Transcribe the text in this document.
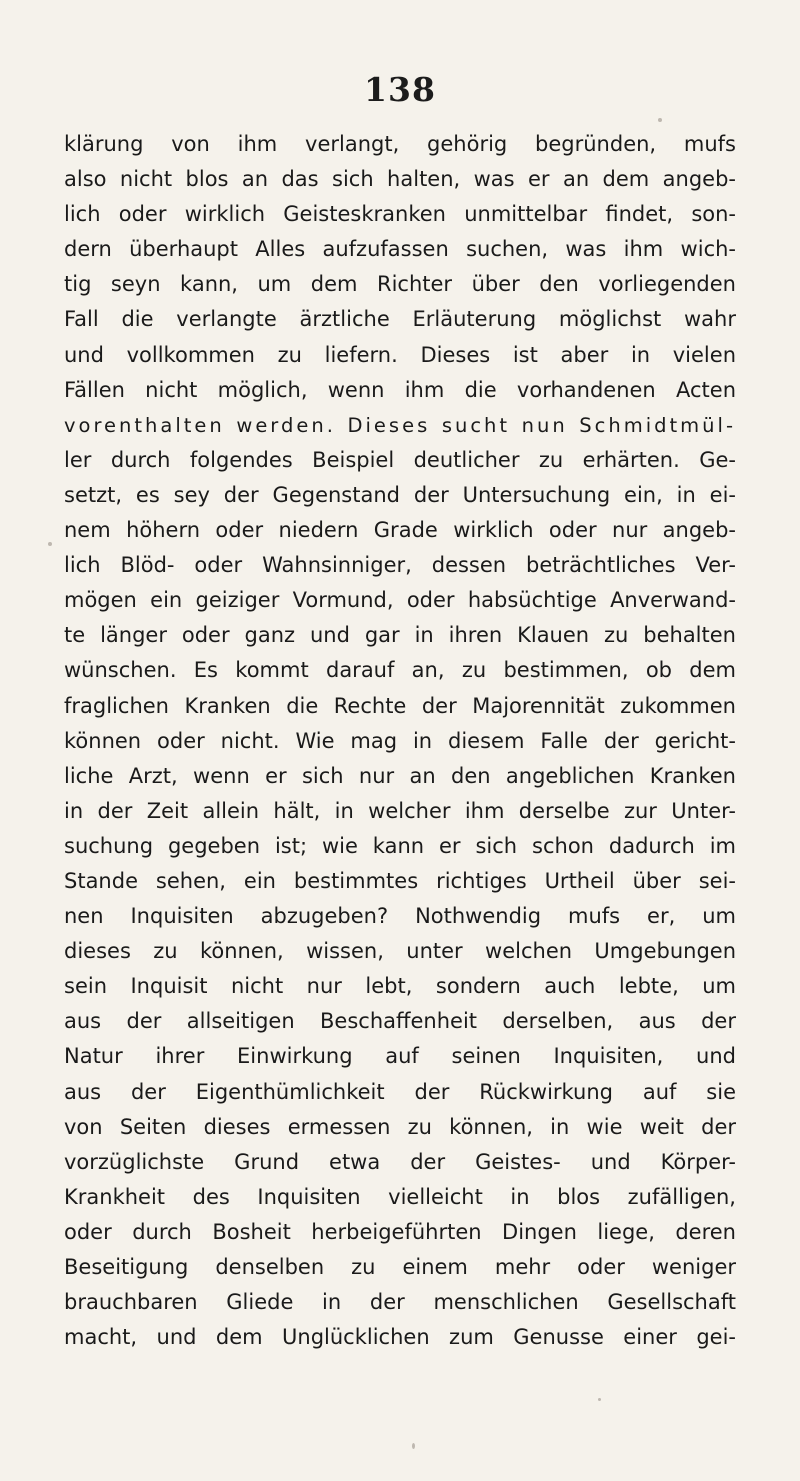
138
klärung von ihm verlangt, gehörig begründen, mufs
also nicht blos an das sich halten, was er an dem angeb-
lich oder wirklich Geisteskranken unmittelbar findet, son-
dern überhaupt Alles aufzufassen suchen, was ihm wich-
tig seyn kann, um dem Richter über den vorliegenden
Fall die verlangte ärztliche Erläuterung möglichst wahr
und vollkommen zu liefern. Dieses ist aber in vielen
Fällen nicht möglich, wenn ihm die vorhandenen Acten
vorenthalten werden. Dieses sucht nun Schmidtmül-
ler durch folgendes Beispiel deutlicher zu erhärten. Ge-
setzt, es sey der Gegenstand der Untersuchung ein, in ei-
nem höhern oder niedern Grade wirklich oder nur angeb-
lich Blöd- oder Wahnsinniger, dessen beträchtliches Ver-
mögen ein geiziger Vormund, oder habsüchtige Anverwand-
te länger oder ganz und gar in ihren Klauen zu behalten
wünschen. Es kommt darauf an, zu bestimmen, ob dem
fraglichen Kranken die Rechte der Majorennität zukommen
können oder nicht. Wie mag in diesem Falle der gericht-
liche Arzt, wenn er sich nur an den angeblichen Kranken
in der Zeit allein hält, in welcher ihm derselbe zur Unter-
suchung gegeben ist; wie kann er sich schon dadurch im
Stande sehen, ein bestimmtes richtiges Urtheil über sei-
nen Inquisiten abzugeben? Nothwendig mufs er, um
dieses zu können, wissen, unter welchen Umgebungen
sein Inquisit nicht nur lebt, sondern auch lebte, um
aus der allseitigen Beschaffenheit derselben, aus der
Natur ihrer Einwirkung auf seinen Inquisiten, und
aus der Eigenthümlichkeit der Rückwirkung auf sie
von Seiten dieses ermessen zu können, in wie weit der
vorzüglichste Grund etwa der Geistes- und Körper-
Krankheit des Inquisiten vielleicht in blos zufälligen,
oder durch Bosheit herbeigeführten Dingen liege, deren
Beseitigung denselben zu einem mehr oder weniger
brauchbaren Gliede in der menschlichen Gesellschaft
macht, und dem Unglücklichen zum Genusse einer gei-
